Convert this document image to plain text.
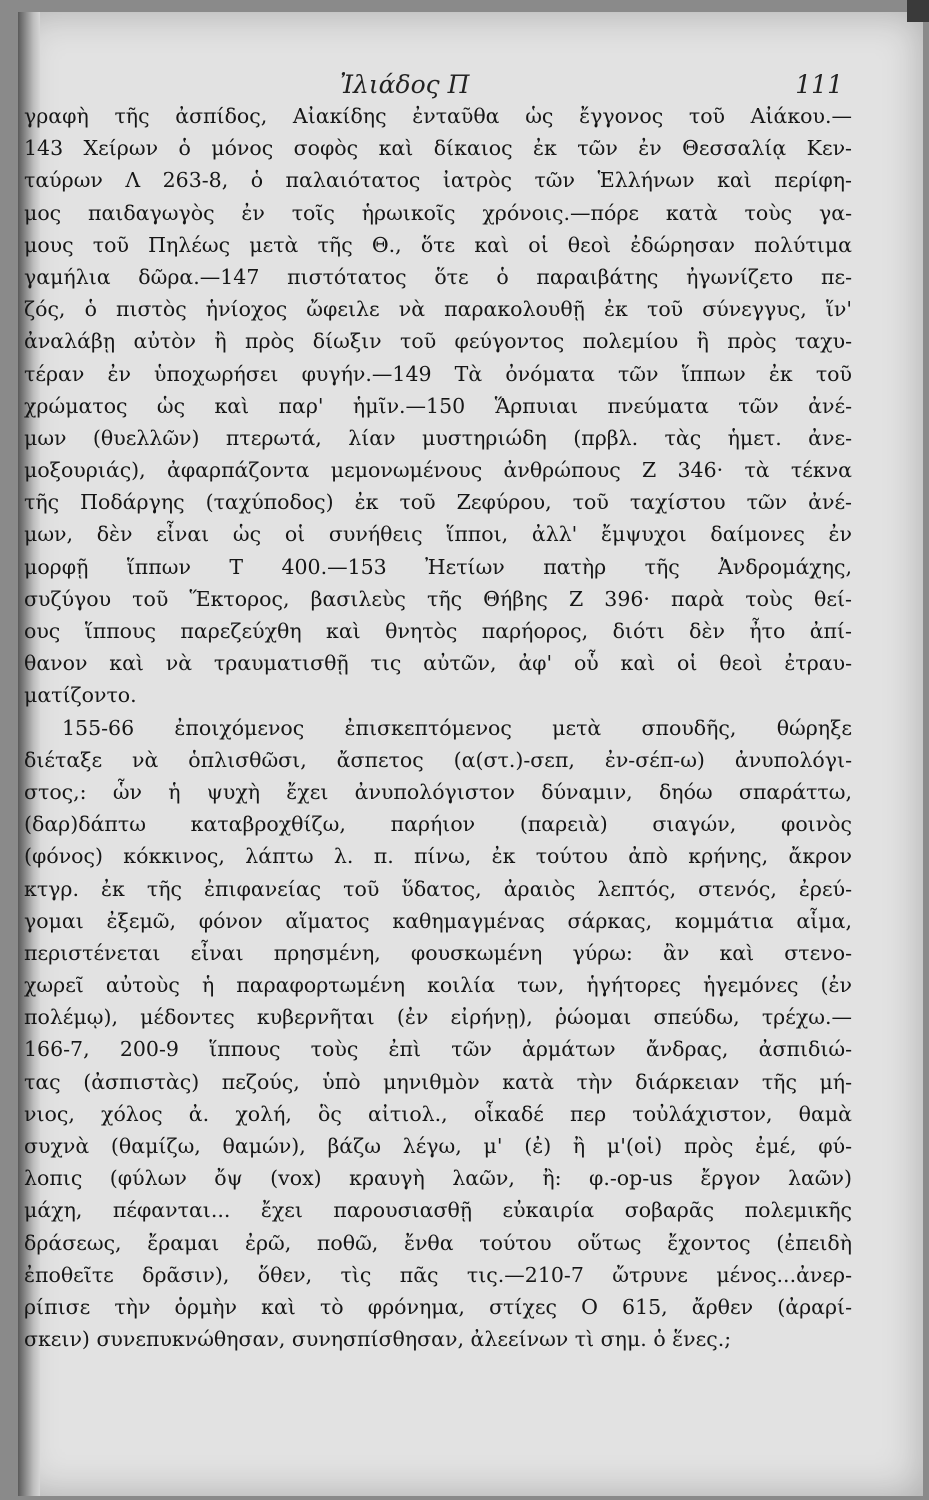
Ἰλιάδος Π	111
γραφὴ τῆς ἀσπίδος, Αἰακίδης ἐνταῦθα ὡς ἔγγονος τοῦ Αἰάκου.—
143 Χείρων ὁ μόνος σοφὸς καὶ δίκαιος ἐκ τῶν ἐν Θεσσαλίᾳ Κεν-
ταύρων Λ 263-8, ὁ παλαιότατος ἰατρὸς τῶν Ἑλλήνων καὶ περίφη-
μος παιδαγωγὸς ἐν τοῖς ἡρωικοῖς χρόνοις.—πόρε κατὰ τοὺς γα-
μους τοῦ Πηλέως μετὰ τῆς Θ., ὅτε καὶ οἱ θεοὶ ἐδώρησαν πολύτιμα
γαμήλια δῶρα.—147 πιστότατος ὅτε ὁ παραιβάτης ἠγωνίζετο πε-
ζός, ὁ πιστὸς ἡνίοχος ὤφειλε νὰ παρακολουθῇ ἐκ τοῦ σύνεγγυς, ἵν'
ἀναλάβῃ αὐτὸν ἢ πρὸς δίωξιν τοῦ φεύγοντος πολεμίου ἢ πρὸς ταχυ-
τέραν ἐν ὑποχωρήσει φυγήν.—149 Τὰ ὀνόματα τῶν ἵππων ἐκ τοῦ
χρώματος ὡς καὶ παρ' ἡμῖν.—150 Ἅρπυιαι πνεύματα τῶν ἀνέ-
μων (θυελλῶν) πτερωτά, λίαν μυστηριώδη (πρβλ. τὰς ἡμετ. ἀνε-
μοξουριάς), ἀφαρπάζοντα μεμονωμένους ἀνθρώπους Ζ 346· τὰ τέκνα
τῆς Ποδάργης (ταχύποδος) ἐκ τοῦ Ζεφύρου, τοῦ ταχίστου τῶν ἀνέ-
μων, δὲν εἶναι ὡς οἱ συνήθεις ἵπποι, ἀλλ' ἔμψυχοι δαίμονες ἐν
μορφῇ ἵππων Τ 400.—153 Ἠετίων πατὴρ τῆς Ἀνδρομάχης,
συζύγου τοῦ Ἕκτορος, βασιλεὺς τῆς Θήβης Ζ 396· παρὰ τοὺς θεί-
ους ἵππους παρεζεύχθη καὶ θνητὸς παρήορος, διότι δὲν ἦτο ἀπί-
θανον καὶ νὰ τραυματισθῇ τις αὐτῶν, ἀφ' οὗ καὶ οἱ θεοὶ ἐτραυ-
ματίζοντο.
155-66 ἐποιχόμενος ἐπισκεπτόμενος μετὰ σπουδῆς, θώρηξε
διέταξε νὰ ὁπλισθῶσι, ἄσπετος (α(στ.)-σεπ, ἐν-σέπ-ω) ἀνυπολόγι-
στος,: ὧν ἡ ψυχὴ ἔχει ἀνυπολόγιστον δύναμιν, δηόω σπαράττω,
(δαρ)δάπτω καταβροχθίζω, παρήιον (παρειὰ) σιαγών, φοινὸς
(φόνος) κόκκινος, λάπτω λ. π. πίνω, ἐκ τούτου ἀπὸ κρήνης, ἄκρον
κτγρ. ἐκ τῆς ἐπιφανείας τοῦ ὕδατος, ἀραιὸς λεπτός, στενός, ἐρεύ-
γομαι ἐξεμῶ, φόνον αἵματος καθημαγμένας σάρκας, κομμάτια αἷμα,
περιστένεται εἶναι πρησμένη, φουσκωμένη γύρω: ἂν καὶ στενο-
χωρεῖ αὐτοὺς ἡ παραφορτωμένη κοιλία των, ἡγήτορες ἡγεμόνες (ἐν
πολέμῳ), μέδοντες κυβερνῆται (ἐν εἰρήνῃ), ῥώομαι σπεύδω, τρέχω.—
166-7, 200-9 ἵππους τοὺς ἐπὶ τῶν ἁρμάτων ἄνδρας, ἀσπιδιώ-
τας (ἀσπιστὰς) πεζούς, ὑπὸ μηνιθμὸν κατὰ τὴν διάρκειαν τῆς μή-
νιος, χόλος ἀ. χολή, ὃς αἰτιολ., οἷκαδέ περ τοὐλάχιστον, θαμὰ
συχνὰ (θαμίζω, θαμών), βάζω λέγω, μ' (ἐ) ἢ μ'(οἱ) πρὸς ἐμέ, φύ-
λοπις (φύλων ὄψ (vox) κραυγὴ λαῶν, ἢ: φ.-op-us ἔργον λαῶν)
μάχη, πέφανται... ἔχει παρουσιασθῇ εὐκαιρία σοβαρᾶς πολεμικῆς
δράσεως, ἔραμαι ἐρῶ, ποθῶ, ἔνθα τούτου οὕτως ἔχοντος (ἐπειδὴ
ἐποθεῖτε δρᾶσιν), ὅθεν, τὶς πᾶς τις.—210-7 ὤτρυνε μένος...ἀνερ-
ρίπισε τὴν ὁρμὴν καὶ τὸ φρόνημα, στίχες Ο 615, ἄρθεν (ἀραρί-
σκειν) συνεπυκνώθησαν, συνησπίσθησαν, ἀλεείνων τὶ σημ. ὁ ἕνες.;
